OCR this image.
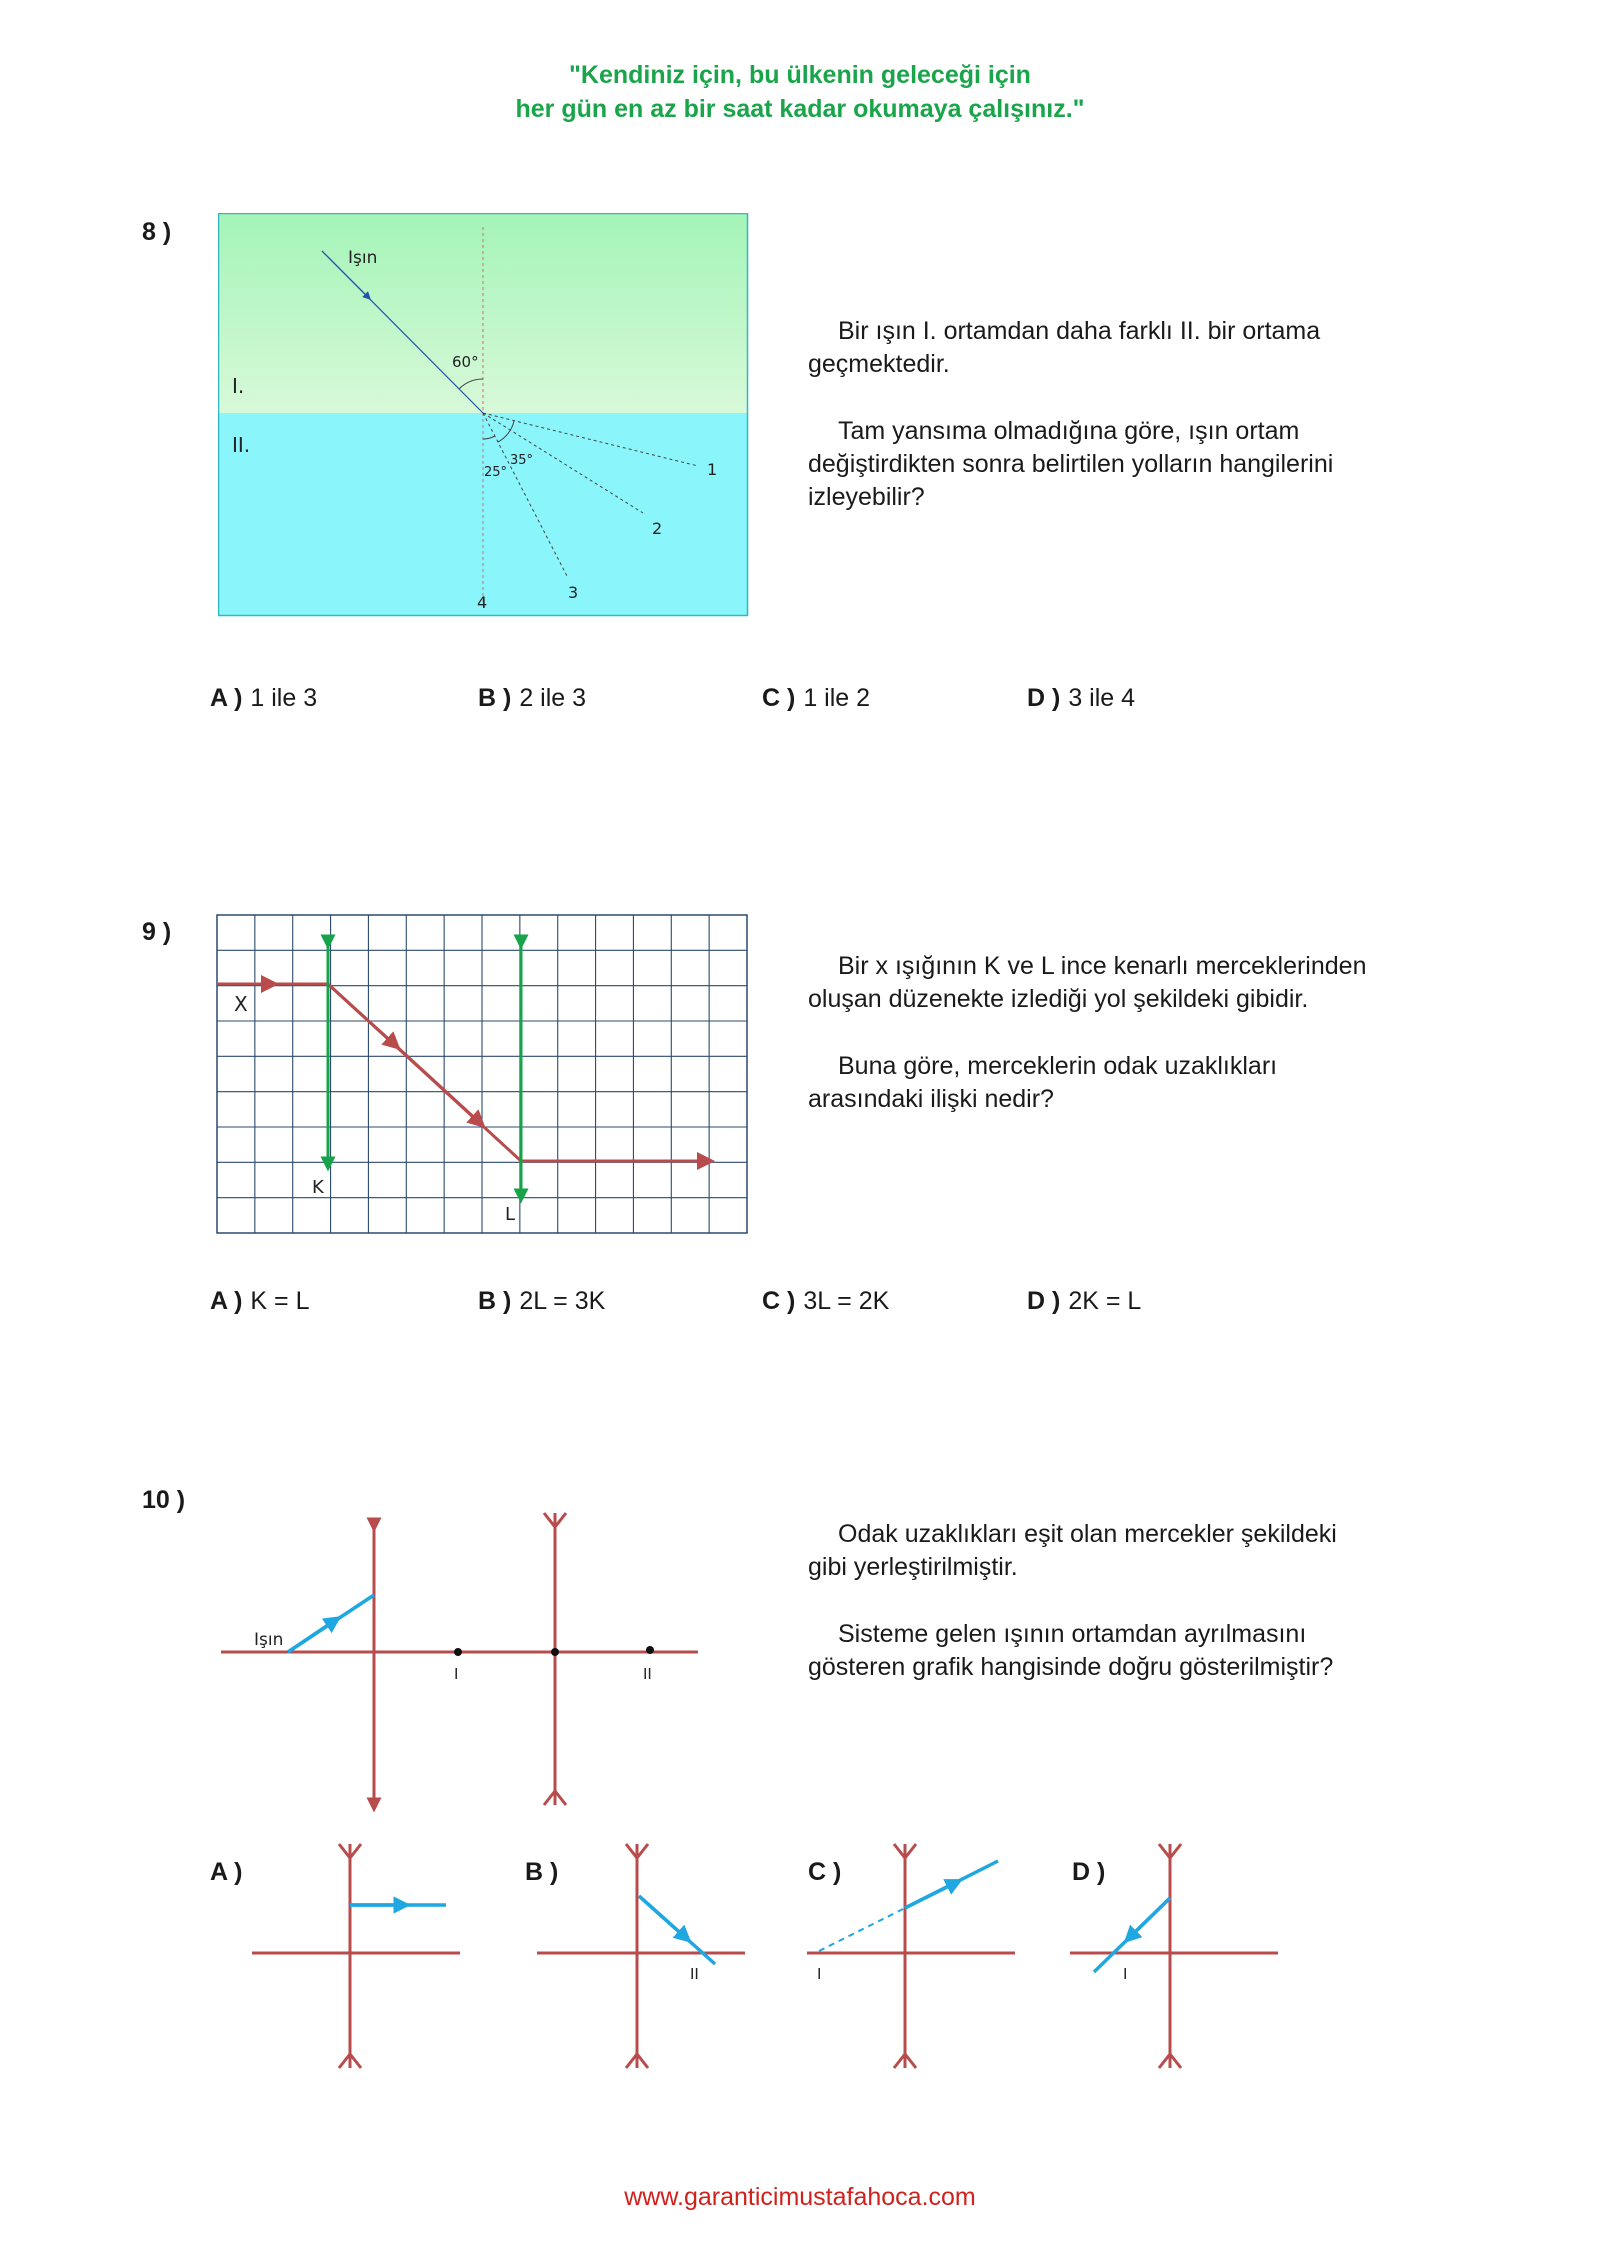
"Kendiniz için, bu ülkenin geleceği için
her gün en az bir saat kadar okumaya çalışınız."
8 )
Işın
60°
I.
II.
35°
25°	1
2
3
4

Bir ışın I. ortamdan daha farklı II. bir ortama geçmektedir.

Tam yansıma olmadığına göre, ışın ortam değiştirdikten sonra belirtilen yolların hangilerini izleyebilir?

A ) 1 ile 3	B ) 2 ile 3	C ) 1 ile 2	D ) 3 ile 4
9 )
X
K
L

Bir x ışığının K ve L ince kenarlı merceklerinden oluşan düzenekte izlediği yol şekildeki gibidir.

Buna göre, merceklerin odak uzaklıkları arasındaki ilişki nedir?

A ) K = L	B ) 2L = 3K	C ) 3L = 2K	D ) 2K = L
10 )
Işın
I	II

Odak uzaklıkları eşit olan mercekler şekildeki gibi yerleştirilmiştir.

Sisteme gelen ışının ortamdan ayrılmasını gösteren grafik hangisinde doğru gösterilmiştir?

A )	B )
II
C )
I
D )
I
www.garanticimustafahoca.com
